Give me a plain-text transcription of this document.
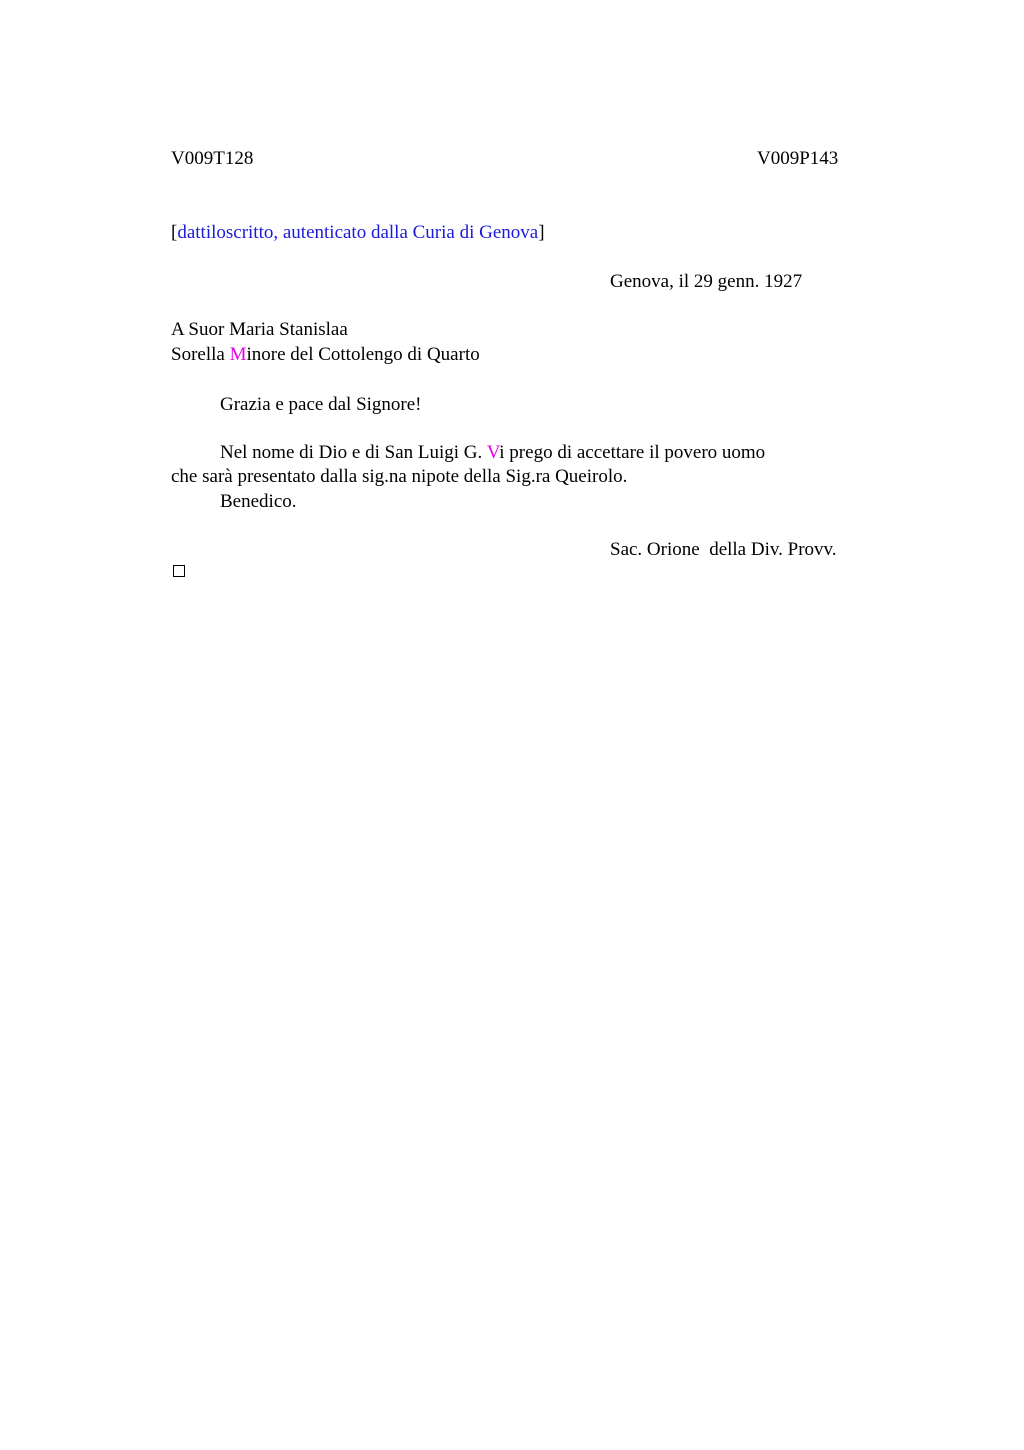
V009T128	V009P143
[dattiloscritto, autenticato dalla Curia di Genova]
Genova, il 29 genn. 1927
A Suor Maria Stanislaa
Sorella Minore del Cottolengo di Quarto
Grazia e pace dal Signore!
Nel nome di Dio e di San Luigi G. Vi prego di accettare il povero uomo
che sarà presentato dalla sig.na nipote della Sig.ra Queirolo.
Benedico.
Sac. Orione  della Div. Provv.
